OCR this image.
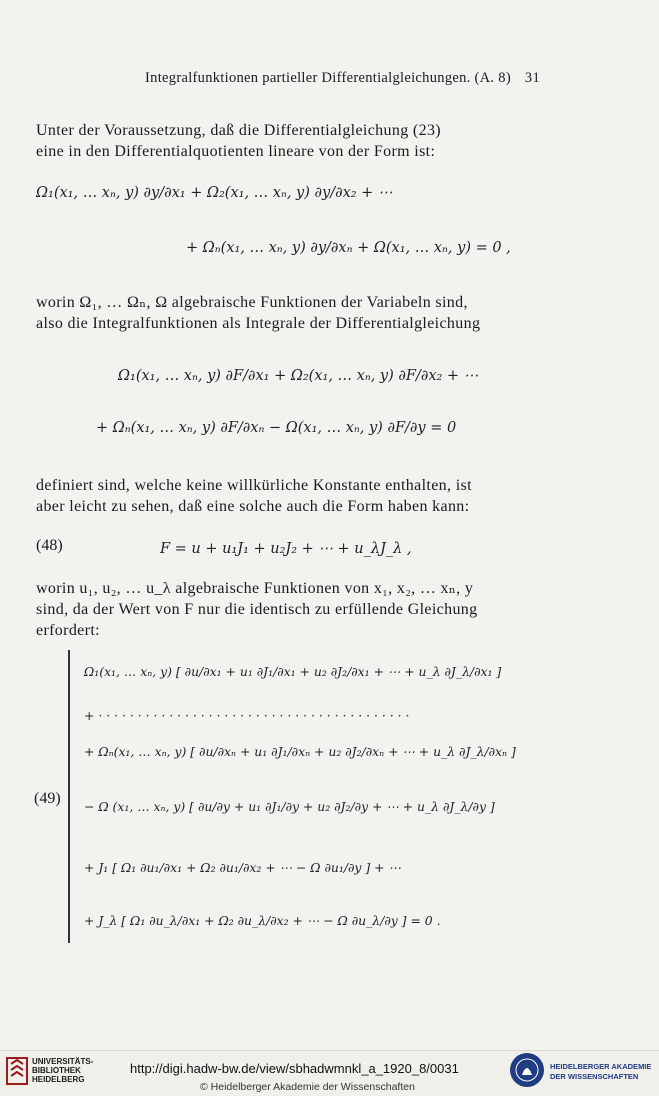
Integralfunktionen partieller Differentialgleichungen. (A. 8) 31
Unter der Voraussetzung, daß die Differentialgleichung (23)
eine in den Differentialquotienten lineare von der Form ist:
Ω₁(x₁, … xₙ, y) ∂y/∂x₁ + Ω₂(x₁, … xₙ, y) ∂y/∂x₂ + ⋯
+ Ωₙ(x₁, … xₙ, y) ∂y/∂xₙ + Ω(x₁, … xₙ, y) = 0 ,
worin Ω₁, … Ωₙ, Ω algebraische Funktionen der Variabeln sind,
also die Integralfunktionen als Integrale der Differentialgleichung
Ω₁(x₁, … xₙ, y) ∂F/∂x₁ + Ω₂(x₁, … xₙ, y) ∂F/∂x₂ + ⋯
+ Ωₙ(x₁, … xₙ, y) ∂F/∂xₙ − Ω(x₁, … xₙ, y) ∂F/∂y = 0
definiert sind, welche keine willkürliche Konstante enthalten, ist
aber leicht zu sehen, daß eine solche auch die Form haben kann:
(48)	F = u + u₁J₁ + u₂J₂ + ⋯ + u_λJ_λ ,
worin u₁, u₂, … u_λ algebraische Funktionen von x₁, x₂, … xₙ, y
sind, da der Wert von F nur die identisch zu erfüllende Gleichung
erfordert:
(49)
Ω₁(x₁, … xₙ, y) [ ∂u/∂x₁ + u₁ ∂J₁/∂x₁ + u₂ ∂J₂/∂x₁ + ⋯ + u_λ ∂J_λ/∂x₁ ]
+ · · · · · · · · · · · · · · · · · · · · · · · · · · · · · · · · · · · · · · · ·
+ Ωₙ(x₁, … xₙ, y) [ ∂u/∂xₙ + u₁ ∂J₁/∂xₙ + u₂ ∂J₂/∂xₙ + ⋯ + u_λ ∂J_λ/∂xₙ ]
− Ω (x₁, … xₙ, y) [ ∂u/∂y + u₁ ∂J₁/∂y + u₂ ∂J₂/∂y + ⋯ + u_λ ∂J_λ/∂y ]
+ J₁ [ Ω₁ ∂u₁/∂x₁ + Ω₂ ∂u₁/∂x₂ + ⋯ − Ω ∂u₁/∂y ] + ⋯
+ J_λ [ Ω₁ ∂u_λ/∂x₁ + Ω₂ ∂u_λ/∂x₂ + ⋯ − Ω ∂u_λ/∂y ] = 0 .
http://digi.hadw-bw.de/view/sbhadwmnkl_a_1920_8/0031
© Heidelberger Akademie der Wissenschaften
UNIVERSITÄTS-
BIBLIOTHEK
HEIDELBERG
HEIDELBERGER AKADEMIE
DER WISSENSCHAFTEN
